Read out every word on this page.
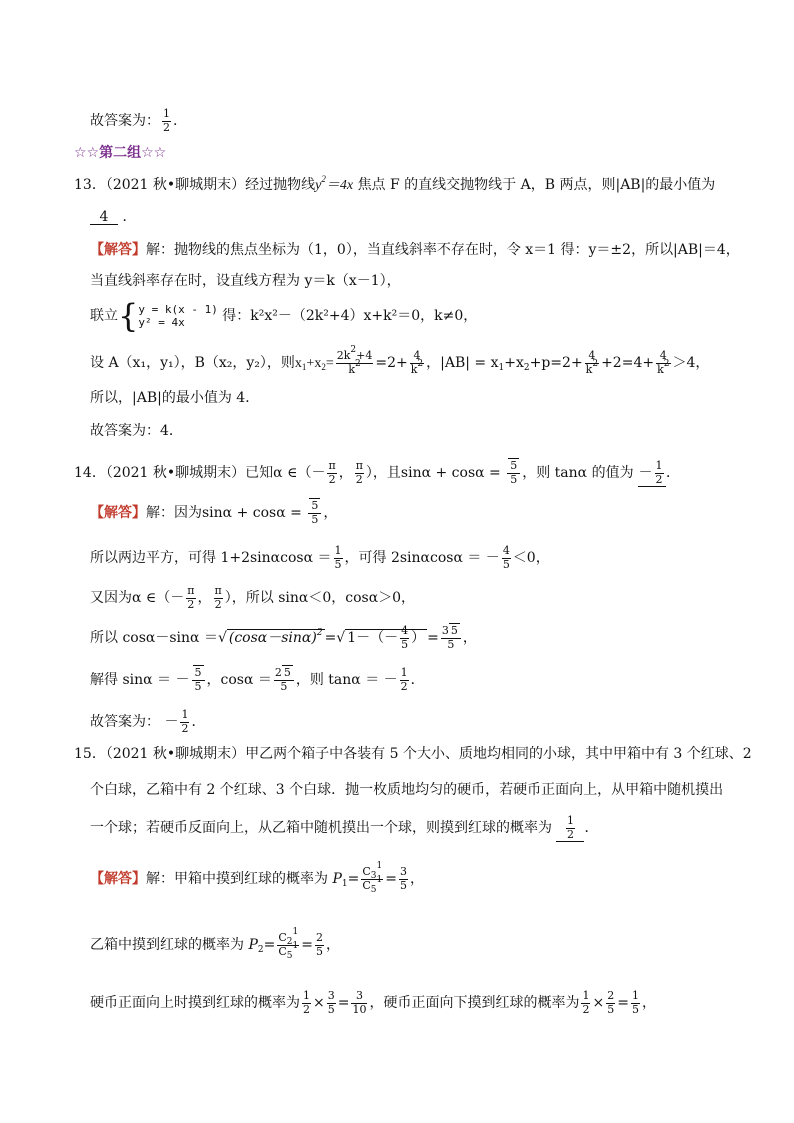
故答案为： $\frac{1}{2}$ .
☆☆第二组☆☆
13．（2021 秋•聊城期末）经过抛物线$y^2=4x$ 焦点 F 的直线交抛物线于 A，B 两点，则|AB|的最小值为
4 ．
【解答】解：抛物线的焦点坐标为（1，0），当直线斜率不存在时，令 x＝1 得：y＝±2，所以|AB|＝4，
当直线斜率存在时，设直线方程为 y＝k（x－1），
联立{ y = k(x - 1)
y² = 4x	得：k²x²－（2k²+4）x+k²＝0，k≠0，
设 A（x₁，y₁），B（x₂，y₂），则$x_1+x_2= \frac{2k^2+4}{k^2} =2+ \frac{4}{k^2}$ ，$|AB| = x_1+x_2+p=2+ \frac{4}{k^2} +2=4+ \frac{4}{k^2} >4$，
所以，|AB|的最小值为 4．
故答案为：4．
14．（2021 秋•聊城期末）已知α ∈（－ $\frac{\pi}{2}$ ， $\frac{\pi}{2}$ ），且$\sin\alpha + \cos\alpha = \frac{5}{5}$ ，则 tanα 的值为 － $\frac{1}{2}$ ．
【解答】解：因为$\sin\alpha + \cos\alpha = \frac{5}{5}$ ，
所以两边平方，可得 $1+2\sin\alpha\cos\alpha = \frac{1}{5}$ ，可得 2sinαcosα ＝ － $\frac{4}{5} <0$，
又因为α ∈（－ $\frac{\pi}{2}$ ， $\frac{\pi}{2}$ ），所以 sinα＜0，cosα＞0，
所以 cosα－sinα ＝√ $(\cos\alpha-\sin\alpha)^2$ =√ $1-(- \frac{4}{5}$ ） = $\frac{3 5}{5}$ ，
解得 sinα ＝ － $\frac{5}{5}$ ，$\cos\alpha = \frac{2 5}{5}$ ，则 tanα ＝ － $\frac{1}{2}$ ．
故答案为： － $\frac{1}{2}$ ．
15．（2021 秋•聊城期末）甲乙两个箱子中各装有 5 个大小、质地均相同的小球，其中甲箱中有 3 个红球、2
个白球，乙箱中有 2 个红球、3 个白球．抛一枚质地均匀的硬币，若硬币正面向上，从甲箱中随机摸出
一个球；若硬币反面向上，从乙箱中随机摸出一个球，则摸到红球的概率为 $\frac{1}{2}$ ．
【解答】解：甲箱中摸到红球的概率为 $P_1= \frac{C_3^1}{C_5^1} = \frac{3}{5}$ ，
乙箱中摸到红球的概率为 $P_2= \frac{C_2^1}{C_5^1} = \frac{2}{5}$ ，
硬币正面向上时摸到红球的概率为 $\frac{1}{2} \times \frac{3}{5} = \frac{3}{10}$ ，硬币正面向下摸到红球的概率为 $\frac{1}{2} \times \frac{2}{5} = \frac{1}{5}$ ，
